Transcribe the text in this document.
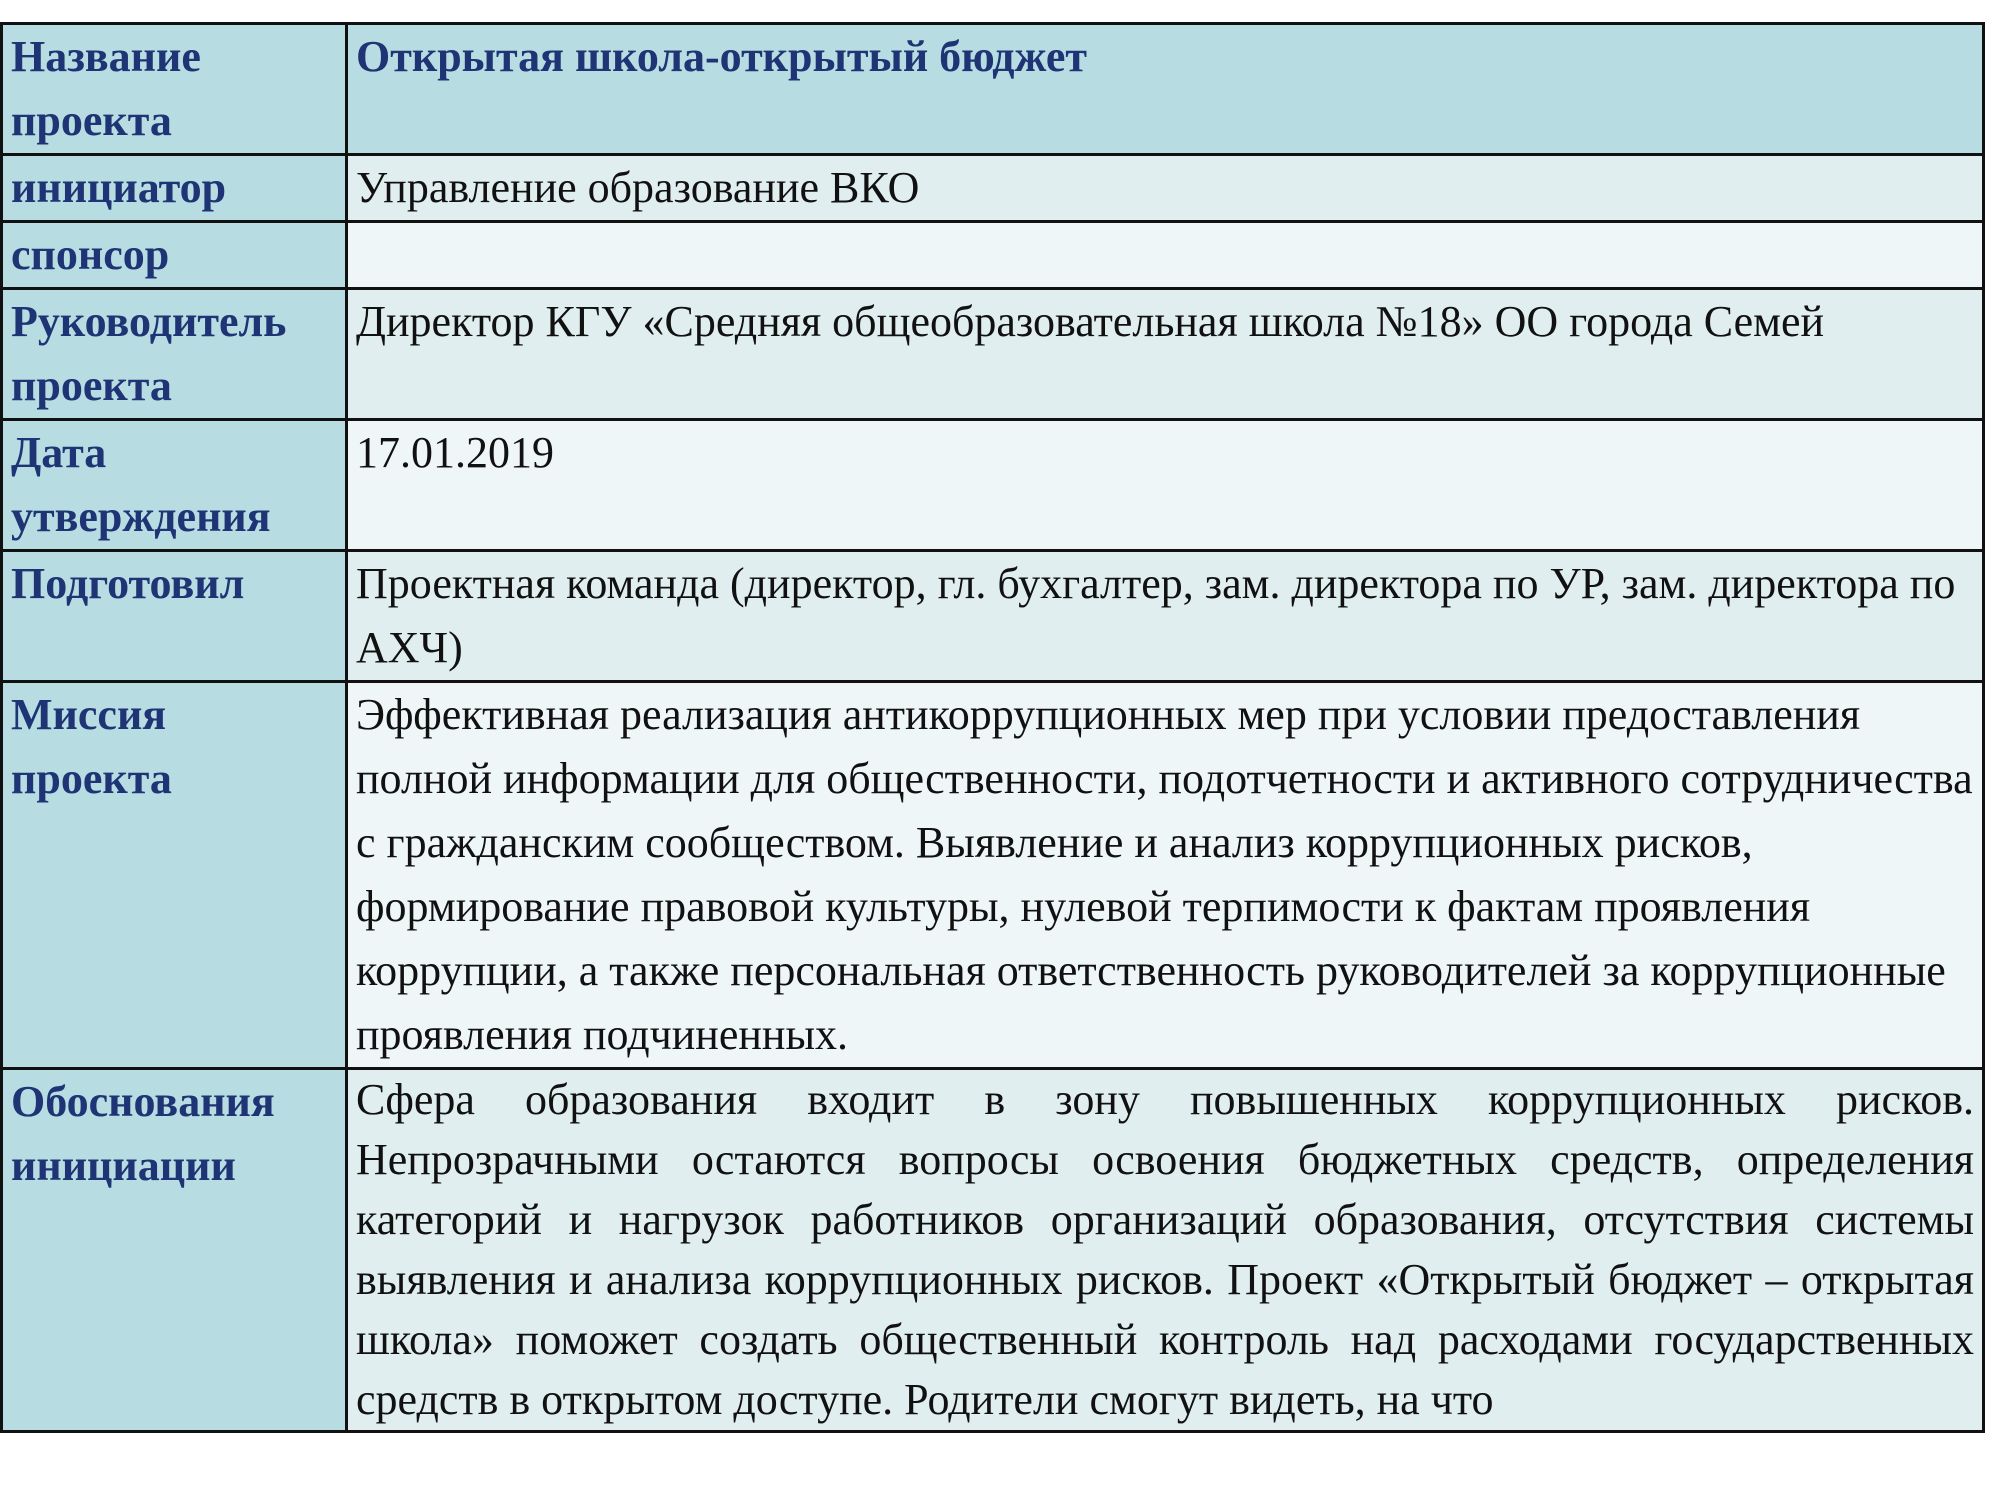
Название проекта	Открытая школа-открытый бюджет
инициатор	Управление образование ВКО
спонсор	
Руководитель проекта	Директор КГУ «Средняя общеобразовательная школа №18» ОО города Семей
Дата утверждения	17.01.2019
Подготовил	Проектная команда (директор, гл. бухгалтер, зам. директора по УР, зам. директора по АХЧ)
Миссия проекта	Эффективная реализация антикоррупционных мер при условии предоставления полной информации для общественности, подотчетности и активного сотрудничества с гражданским сообществом. Выявление и анализ коррупционных рисков, формирование правовой культуры, нулевой терпимости к фактам проявления коррупции, а также персональная ответственность руководителей за коррупционные проявления подчиненных.
Обоснования инициации	Сфера образования входит в зону повышенных коррупционных рисков. Непрозрачными остаются вопросы освоения бюджетных средств, определения категорий и нагрузок работников организаций образования, отсутствия системы выявления и анализа коррупционных рисков. Проект «Открытый бюджет – открытая школа» поможет создать общественный контроль над расходами государственных средств в открытом доступе. Родители смогут видеть, на что
